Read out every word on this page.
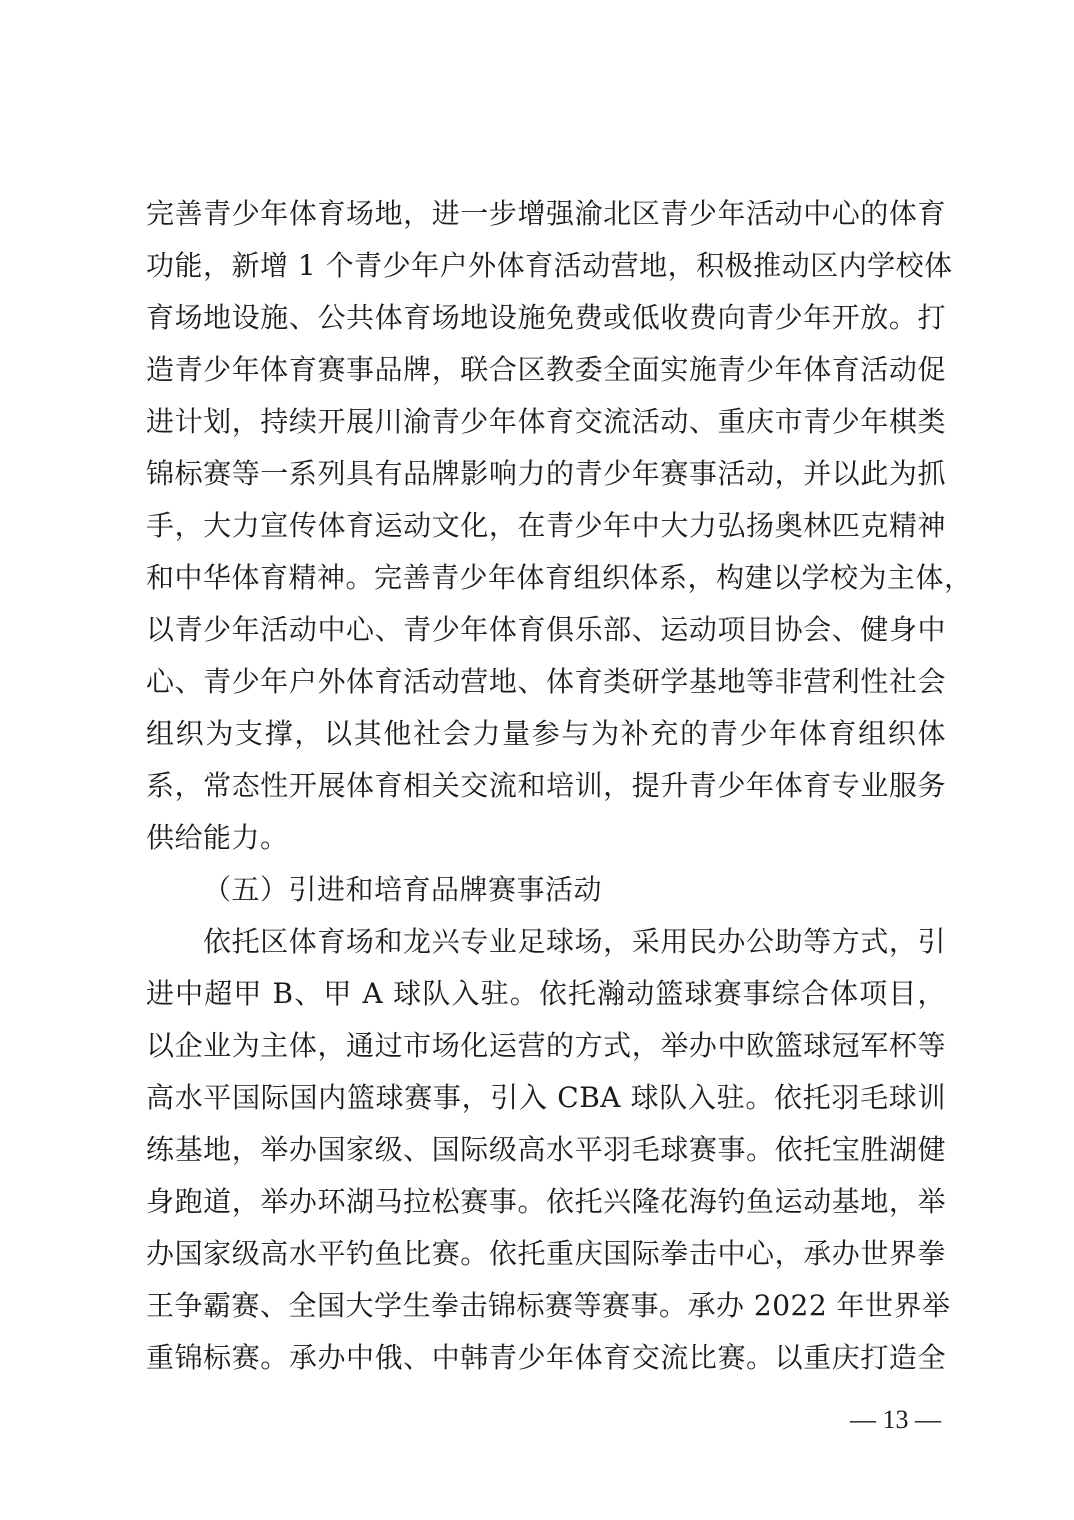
完善青少年体育场地，进一步增强渝北区青少年活动中心的体育
功能，新增 1 个青少年户外体育活动营地，积极推动区内学校体
育场地设施、公共体育场地设施免费或低收费向青少年开放。打
造青少年体育赛事品牌，联合区教委全面实施青少年体育活动促
进计划，持续开展川渝青少年体育交流活动、重庆市青少年棋类
锦标赛等一系列具有品牌影响力的青少年赛事活动，并以此为抓
手，大力宣传体育运动文化，在青少年中大力弘扬奥林匹克精神
和中华体育精神。完善青少年体育组织体系，构建以学校为主体，
以青少年活动中心、青少年体育俱乐部、运动项目协会、健身中
心、青少年户外体育活动营地、体育类研学基地等非营利性社会
组织为支撑，以其他社会力量参与为补充的青少年体育组织体
系，常态性开展体育相关交流和培训，提升青少年体育专业服务
供给能力。
（五）引进和培育品牌赛事活动
依托区体育场和龙兴专业足球场，采用民办公助等方式，引
进中超甲 B、甲 A 球队入驻。依托瀚动篮球赛事综合体项目，
以企业为主体，通过市场化运营的方式，举办中欧篮球冠军杯等
高水平国际国内篮球赛事，引入 CBA 球队入驻。依托羽毛球训
练基地，举办国家级、国际级高水平羽毛球赛事。依托宝胜湖健
身跑道，举办环湖马拉松赛事。依托兴隆花海钓鱼运动基地，举
办国家级高水平钓鱼比赛。依托重庆国际拳击中心，承办世界拳
王争霸赛、全国大学生拳击锦标赛等赛事。承办 2022 年世界举
重锦标赛。承办中俄、中韩青少年体育交流比赛。以重庆打造全
— 13 —
